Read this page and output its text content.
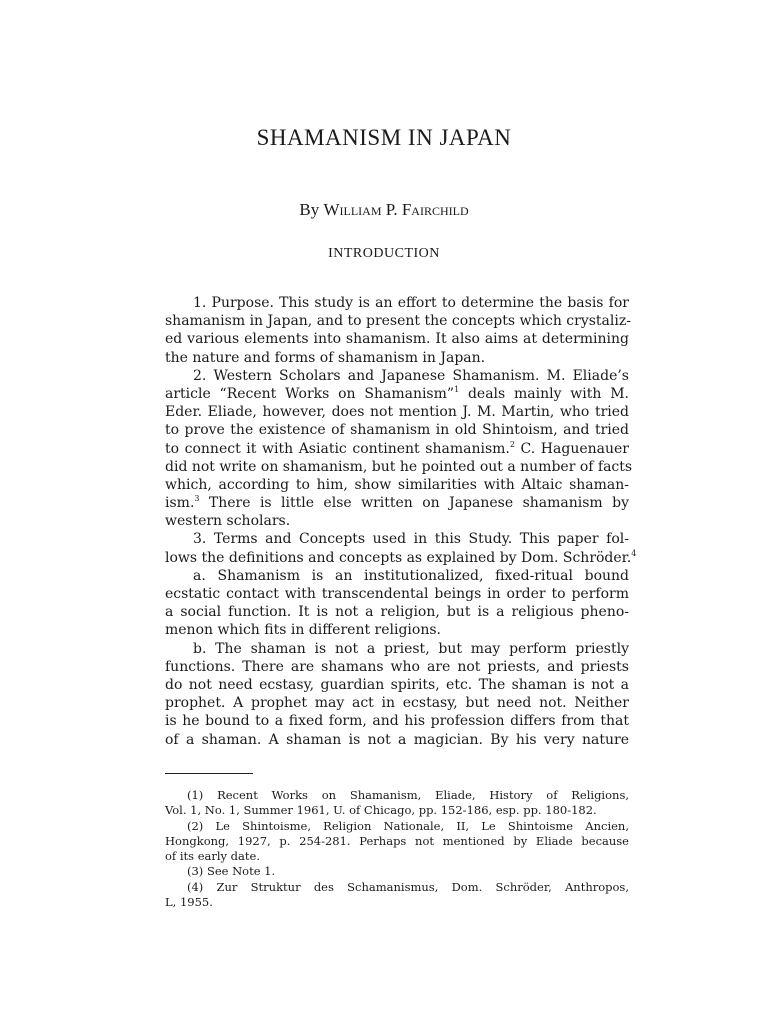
SHAMANISM IN JAPAN
By William P. Fairchild
INTRODUCTION
1. Purpose. This study is an effort to determine the basis for
shamanism in Japan, and to present the concepts which crystaliz-
ed various elements into shamanism. It also aims at determining
the nature and forms of shamanism in Japan.
2. Western Scholars and Japanese Shamanism. M. Eliade’s
article “Recent Works on Shamanism”$^1$ deals mainly with M.
Eder. Eliade, however, does not mention J. M. Martin, who tried
to prove the existence of shamanism in old Shintoism, and tried
to connect it with Asiatic continent shamanism.$^2$ C. Haguenauer
did not write on shamanism, but he pointed out a number of facts
which, according to him, show similarities with Altaic shaman-
ism.$^3$ There is little else written on Japanese shamanism by
western scholars.
3. Terms and Concepts used in this Study. This paper fol-
lows the definitions and concepts as explained by Dom. Schröder.$^4$
a. Shamanism is an institutionalized, fixed-ritual bound
ecstatic contact with transcendental beings in order to perform
a social function. It is not a religion, but is a religious pheno-
menon which fits in different religions.
b. The shaman is not a priest, but may perform priestly
functions. There are shamans who are not priests, and priests
do not need ecstasy, guardian spirits, etc. The shaman is not a
prophet. A prophet may act in ecstasy, but need not. Neither
is he bound to a fixed form, and his profession differs from that
of a shaman. A shaman is not a magician. By his very nature
(1) Recent Works on Shamanism, Eliade, History of Religions,
Vol. 1, No. 1, Summer 1961, U. of Chicago, pp. 152-186, esp. pp. 180-182.
(2) Le Shintoisme, Religion Nationale, II, Le Shintoisme Ancien,
Hongkong, 1927, p. 254-281. Perhaps not mentioned by Eliade because
of its early date.
(3) See Note 1.
(4) Zur Struktur des Schamanismus, Dom. Schröder, Anthropos,
L, 1955.
